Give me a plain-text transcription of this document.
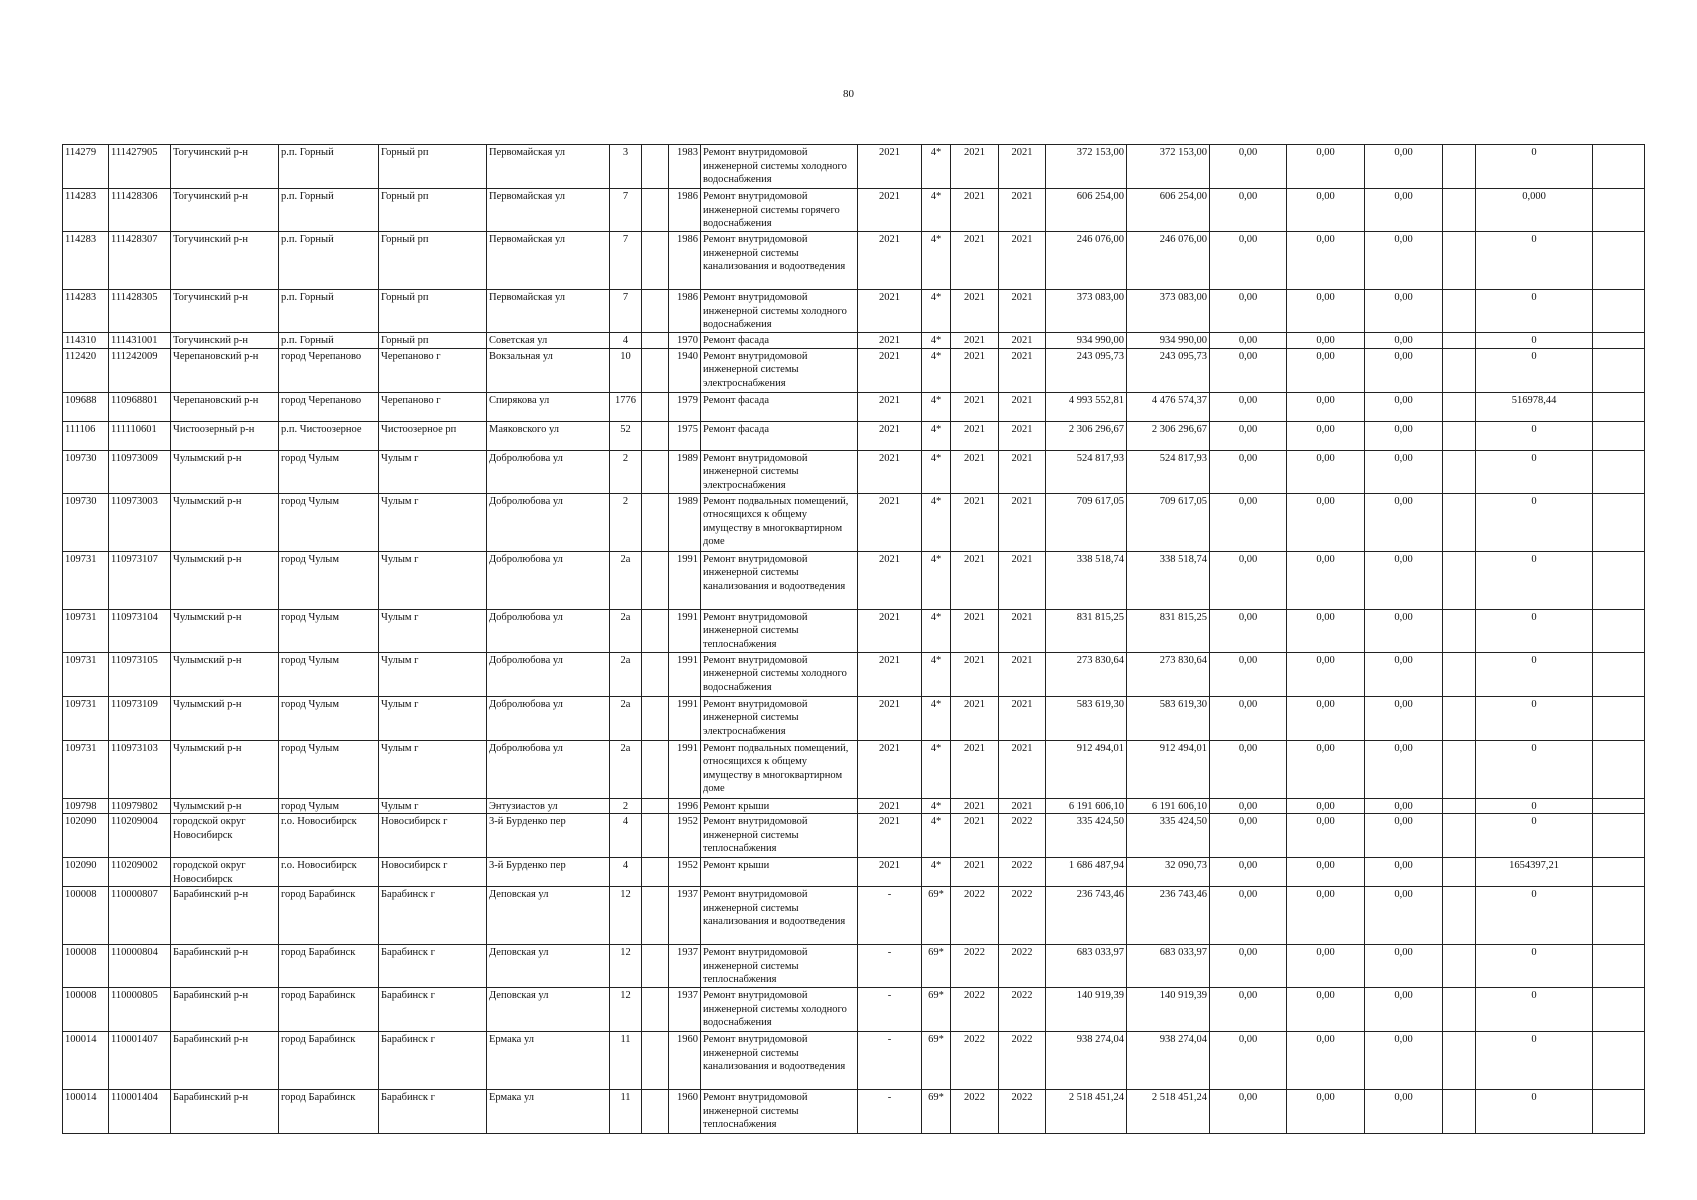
80
114279	111427905	Тогучинский р-н	р.п. Горный	Горный рп	Первомайская ул	3		1983	Ремонт внутридомовой инженерной системы холодного водоснабжения	2021	4*	2021	2021	372 153,00	372 153,00	0,00	0,00	0,00		0	
114283	111428306	Тогучинский р-н	р.п. Горный	Горный рп	Первомайская ул	7		1986	Ремонт внутридомовой инженерной системы горячего водоснабжения	2021	4*	2021	2021	606 254,00	606 254,00	0,00	0,00	0,00		0,000	
114283	111428307	Тогучинский р-н	р.п. Горный	Горный рп	Первомайская ул	7		1986	Ремонт внутридомовой инженерной системы канализования и водоотведения	2021	4*	2021	2021	246 076,00	246 076,00	0,00	0,00	0,00		0	
114283	111428305	Тогучинский р-н	р.п. Горный	Горный рп	Первомайская ул	7		1986	Ремонт внутридомовой инженерной системы холодного водоснабжения	2021	4*	2021	2021	373 083,00	373 083,00	0,00	0,00	0,00		0	
114310	111431001	Тогучинский р-н	р.п. Горный	Горный рп	Советская ул	4		1970	Ремонт фасада	2021	4*	2021	2021	934 990,00	934 990,00	0,00	0,00	0,00		0	
112420	111242009	Черепановский р-н	город Черепаново	Черепаново г	Вокзальная ул	10		1940	Ремонт внутридомовой инженерной системы электроснабжения	2021	4*	2021	2021	243 095,73	243 095,73	0,00	0,00	0,00		0	
109688	110968801	Черепановский р-н	город Черепаново	Черепаново г	Спирякова ул	1776		1979	Ремонт фасада	2021	4*	2021	2021	4 993 552,81	4 476 574,37	0,00	0,00	0,00		516978,44	
111106	111110601	Чистоозерный р-н	р.п. Чистоозерное	Чистоозерное рп	Маяковского ул	52		1975	Ремонт фасада	2021	4*	2021	2021	2 306 296,67	2 306 296,67	0,00	0,00	0,00		0	
109730	110973009	Чулымский р-н	город Чулым	Чулым г	Добролюбова ул	2		1989	Ремонт внутридомовой инженерной системы электроснабжения	2021	4*	2021	2021	524 817,93	524 817,93	0,00	0,00	0,00		0	
109730	110973003	Чулымский р-н	город Чулым	Чулым г	Добролюбова ул	2		1989	Ремонт подвальных помещений, относящихся к общему имуществу в многоквартирном доме	2021	4*	2021	2021	709 617,05	709 617,05	0,00	0,00	0,00		0	
109731	110973107	Чулымский р-н	город Чулым	Чулым г	Добролюбова ул	2а		1991	Ремонт внутридомовой инженерной системы канализования и водоотведения	2021	4*	2021	2021	338 518,74	338 518,74	0,00	0,00	0,00		0	
109731	110973104	Чулымский р-н	город Чулым	Чулым г	Добролюбова ул	2а		1991	Ремонт внутридомовой инженерной системы теплоснабжения	2021	4*	2021	2021	831 815,25	831 815,25	0,00	0,00	0,00		0	
109731	110973105	Чулымский р-н	город Чулым	Чулым г	Добролюбова ул	2а		1991	Ремонт внутридомовой инженерной системы холодного водоснабжения	2021	4*	2021	2021	273 830,64	273 830,64	0,00	0,00	0,00		0	
109731	110973109	Чулымский р-н	город Чулым	Чулым г	Добролюбова ул	2а		1991	Ремонт внутридомовой инженерной системы электроснабжения	2021	4*	2021	2021	583 619,30	583 619,30	0,00	0,00	0,00		0	
109731	110973103	Чулымский р-н	город Чулым	Чулым г	Добролюбова ул	2а		1991	Ремонт подвальных помещений, относящихся к общему имуществу в многоквартирном доме	2021	4*	2021	2021	912 494,01	912 494,01	0,00	0,00	0,00		0	
109798	110979802	Чулымский р-н	город Чулым	Чулым г	Энтузиастов ул	2		1996	Ремонт крыши	2021	4*	2021	2021	6 191 606,10	6 191 606,10	0,00	0,00	0,00		0	
102090	110209004	городской округ Новосибирск	г.о. Новосибирск	Новосибирск г	3-й Бурденко пер	4		1952	Ремонт внутридомовой инженерной системы теплоснабжения	2021	4*	2021	2022	335 424,50	335 424,50	0,00	0,00	0,00		0	
102090	110209002	городской округ Новосибирск	г.о. Новосибирск	Новосибирск г	3-й Бурденко пер	4		1952	Ремонт крыши	2021	4*	2021	2022	1 686 487,94	32 090,73	0,00	0,00	0,00		1654397,21	
100008	110000807	Барабинский р-н	город Барабинск	Барабинск г	Деповская ул	12		1937	Ремонт внутридомовой инженерной системы канализования и водоотведения	-	69*	2022	2022	236 743,46	236 743,46	0,00	0,00	0,00		0	
100008	110000804	Барабинский р-н	город Барабинск	Барабинск г	Деповская ул	12		1937	Ремонт внутридомовой инженерной системы теплоснабжения	-	69*	2022	2022	683 033,97	683 033,97	0,00	0,00	0,00		0	
100008	110000805	Барабинский р-н	город Барабинск	Барабинск г	Деповская ул	12		1937	Ремонт внутридомовой инженерной системы холодного водоснабжения	-	69*	2022	2022	140 919,39	140 919,39	0,00	0,00	0,00		0	
100014	110001407	Барабинский р-н	город Барабинск	Барабинск г	Ермака ул	11		1960	Ремонт внутридомовой инженерной системы канализования и водоотведения	-	69*	2022	2022	938 274,04	938 274,04	0,00	0,00	0,00		0	
100014	110001404	Барабинский р-н	город Барабинск	Барабинск г	Ермака ул	11		1960	Ремонт внутридомовой инженерной системы теплоснабжения	-	69*	2022	2022	2 518 451,24	2 518 451,24	0,00	0,00	0,00		0	
